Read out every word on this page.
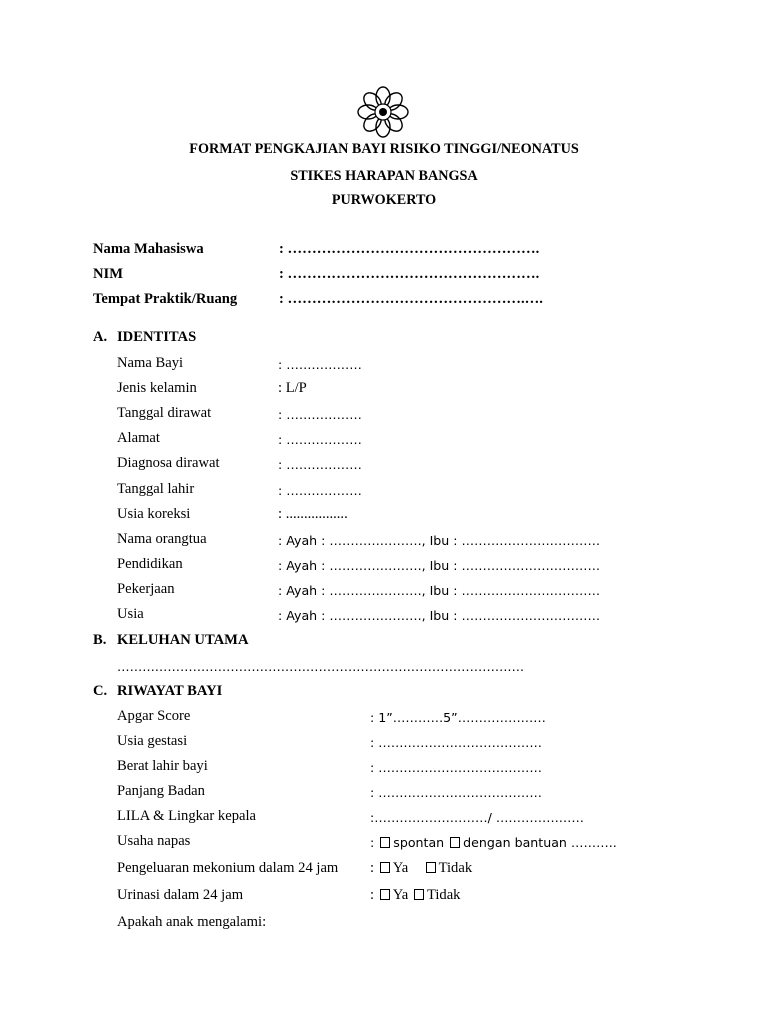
FORMAT PENGKAJIAN BAYI RISIKO TINGGI/NEONATUS
STIKES HARAPAN BANGSA
PURWOKERTO
Nama Mahasiswa	: …………………………………………….
NIM	: …………………………………………….
Tempat Praktik/Ruang	: ………………………………………….….
A. IDENTITAS
Nama Bayi	: ………………
Jenis kelamin	: L/P
Tanggal dirawat	: ………………
Alamat	: ………………
Diagnosa dirawat	: ………………
Tanggal lahir	: ………………
Usia koreksi	: .................
Nama orangtua	: Ayah : …………………., Ibu : ……………………………
Pendidikan	: Ayah : …………………., Ibu : ……………………………
Pekerjaan	: Ayah : …………………., Ibu : ……………………………
Usia	: Ayah : …………………., Ibu : ……………………………
B. KELUHAN UTAMA
…………………………………………………………………………………….
C. RIWAYAT BAYI
Apgar Score	: 1”…………5”…………………
Usia gestasi	: …………………………………
Berat lahir bayi	: …………………………………
Panjang Badan	: …………………………………
LILA & Lingkar kepala	:………………………/ …………………
Usaha napas	: spontan dengan bantuan ………..
Pengeluaran mekonium dalam 24 jam : Ya Tidak
Urinasi dalam 24 jam	: Ya Tidak
Apakah anak mengalami:
